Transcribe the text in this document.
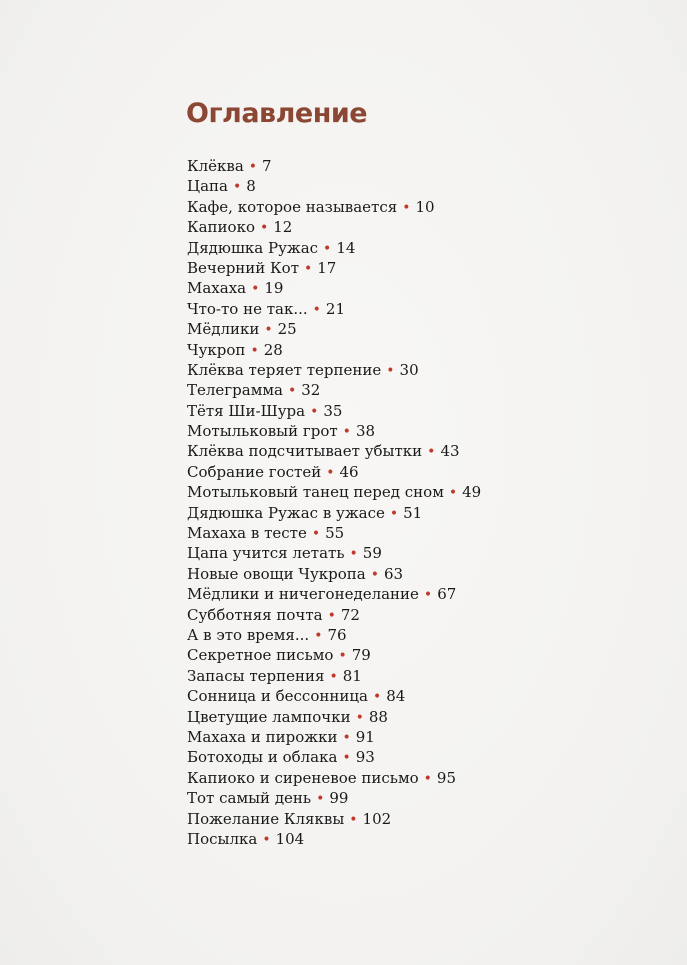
Оглавление
Клёква • 7
Цапа • 8
Кафе, которое называется • 10
Капиоко • 12
Дядюшка Ружас • 14
Вечерний Кот • 17
Махаха • 19
Что-то не так... • 21
Мёдлики • 25
Чукроп • 28
Клёква теряет терпение • 30
Телеграмма • 32
Тётя Ши-Шура • 35
Мотыльковый грот • 38
Клёква подсчитывает убытки • 43
Собрание гостей • 46
Мотыльковый танец перед сном • 49
Дядюшка Ружас в ужасе • 51
Махаха в тесте • 55
Цапа учится летать • 59
Новые овощи Чукропа • 63
Мёдлики и ничегонеделание • 67
Субботняя почта • 72
А в это время... • 76
Секретное письмо • 79
Запасы терпения • 81
Сонница и бессонница • 84
Цветущие лампочки • 88
Махаха и пирожки • 91
Ботоходы и облака • 93
Капиоко и сиреневое письмо • 95
Тот самый день • 99
Пожелание Кляквы • 102
Посылка • 104
